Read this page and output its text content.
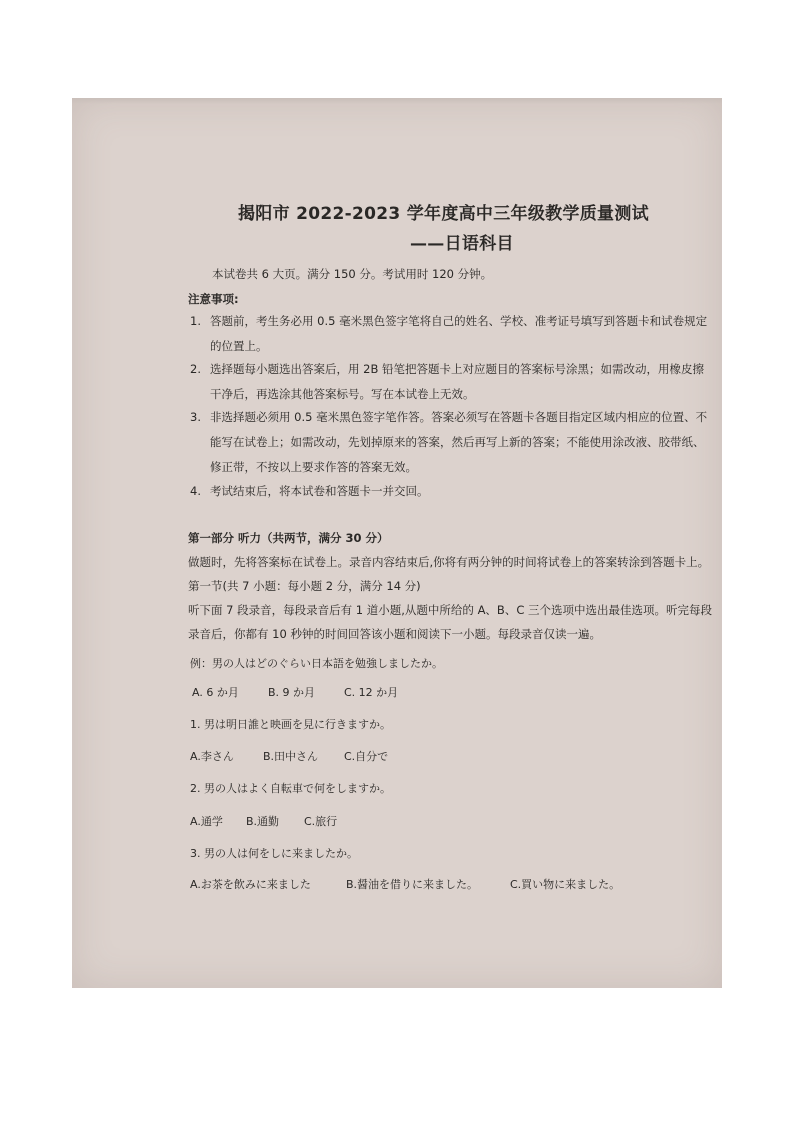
揭阳市 2022-2023 学年度高中三年级教学质量测试
——日语科目
本试卷共 6 大页。满分 150 分。考试用时 120 分钟。
注意事项:
1. 答题前，考生务必用 0.5 毫米黑色签字笔将自己的姓名、学校、准考证号填写到答题卡和试卷规定
的位置上。
2. 选择题每小题选出答案后，用 2B 铅笔把答题卡上对应题目的答案标号涂黑；如需改动，用橡皮擦
干净后，再选涂其他答案标号。写在本试卷上无效。
3. 非选择题必须用 0.5 毫米黑色签字笔作答。答案必须写在答题卡各题目指定区域内相应的位置、不
能写在试卷上；如需改动，先划掉原来的答案，然后再写上新的答案；不能使用涂改液、胶带纸、
修正带，不按以上要求作答的答案无效。
4. 考试结束后，将本试卷和答题卡一并交回。
第一部分 听力（共两节，满分 30 分）
做题时，先将答案标在试卷上。录音内容结束后,你将有两分钟的时间将试卷上的答案转涂到答题卡上。
第一节(共 7 小题：每小题 2 分，满分 14 分)
听下面 7 段录音，每段录音后有 1 道小题,从题中所给的 A、B、C 三个选项中选出最佳选项。听完每段
录音后，你都有 10 秒钟的时间回答该小题和阅读下一小题。每段录音仅读一遍。
例：男の人はどのぐらい日本語を勉強しましたか。
A. 6 か月	B. 9 か月	C. 12 か月
1. 男は明日誰と映画を見に行きますか。
A.李さん	B.田中さん C.自分で
2. 男の人はよく自転車で何をしますか。
A.通学 B.通勤 C.旅行
3. 男の人は何をしに来ましたか。
A.お茶を飲みに来ました	B.醤油を借りに来ました。	C.買い物に来ました。
